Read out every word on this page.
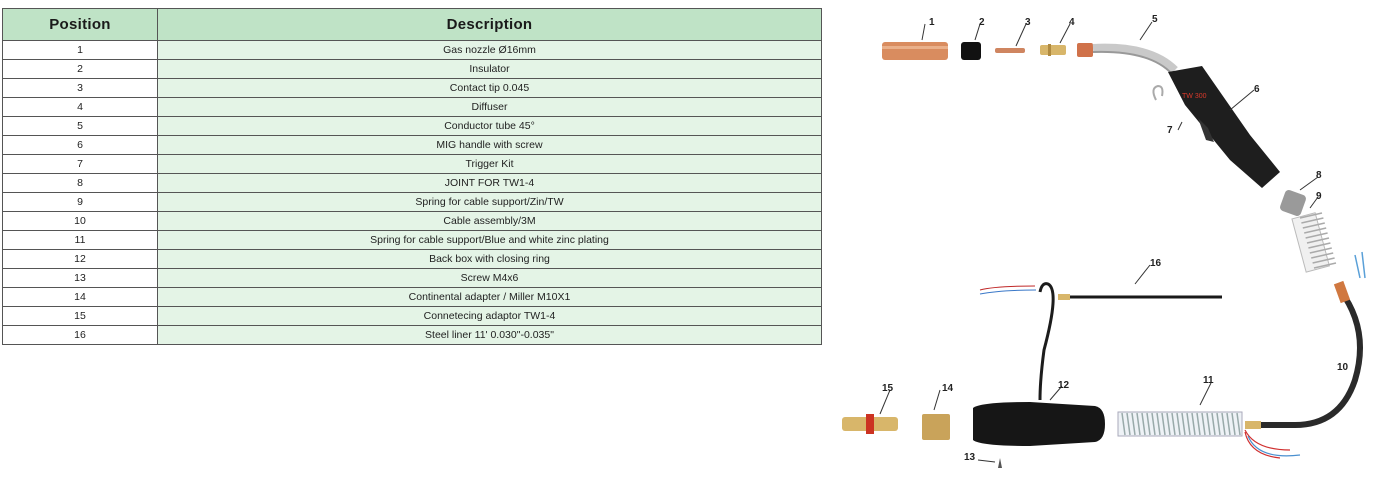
Position	Description
1	Gas nozzle Ø16mm
2	Insulator
3	Contact tip 0.045
4	Diffuser
5	Conductor tube 45°
6	MIG handle with screw
7	Trigger Kit
8	JOINT FOR TW1-4
9	Spring for cable support/Zin/TW
10	Cable assembly/3M
11	Spring for cable support/Blue and white zinc plating
12	Back box with closing ring
13	Screw M4x6
14	Continental adapter / Miller M10X1
15	Connetecing adaptor TW1-4
16	Steel liner 11' 0.030"-0.035"
TW 300
1	2	3	4	5
6
7
8
9
10
11
12
13
14
15
16
